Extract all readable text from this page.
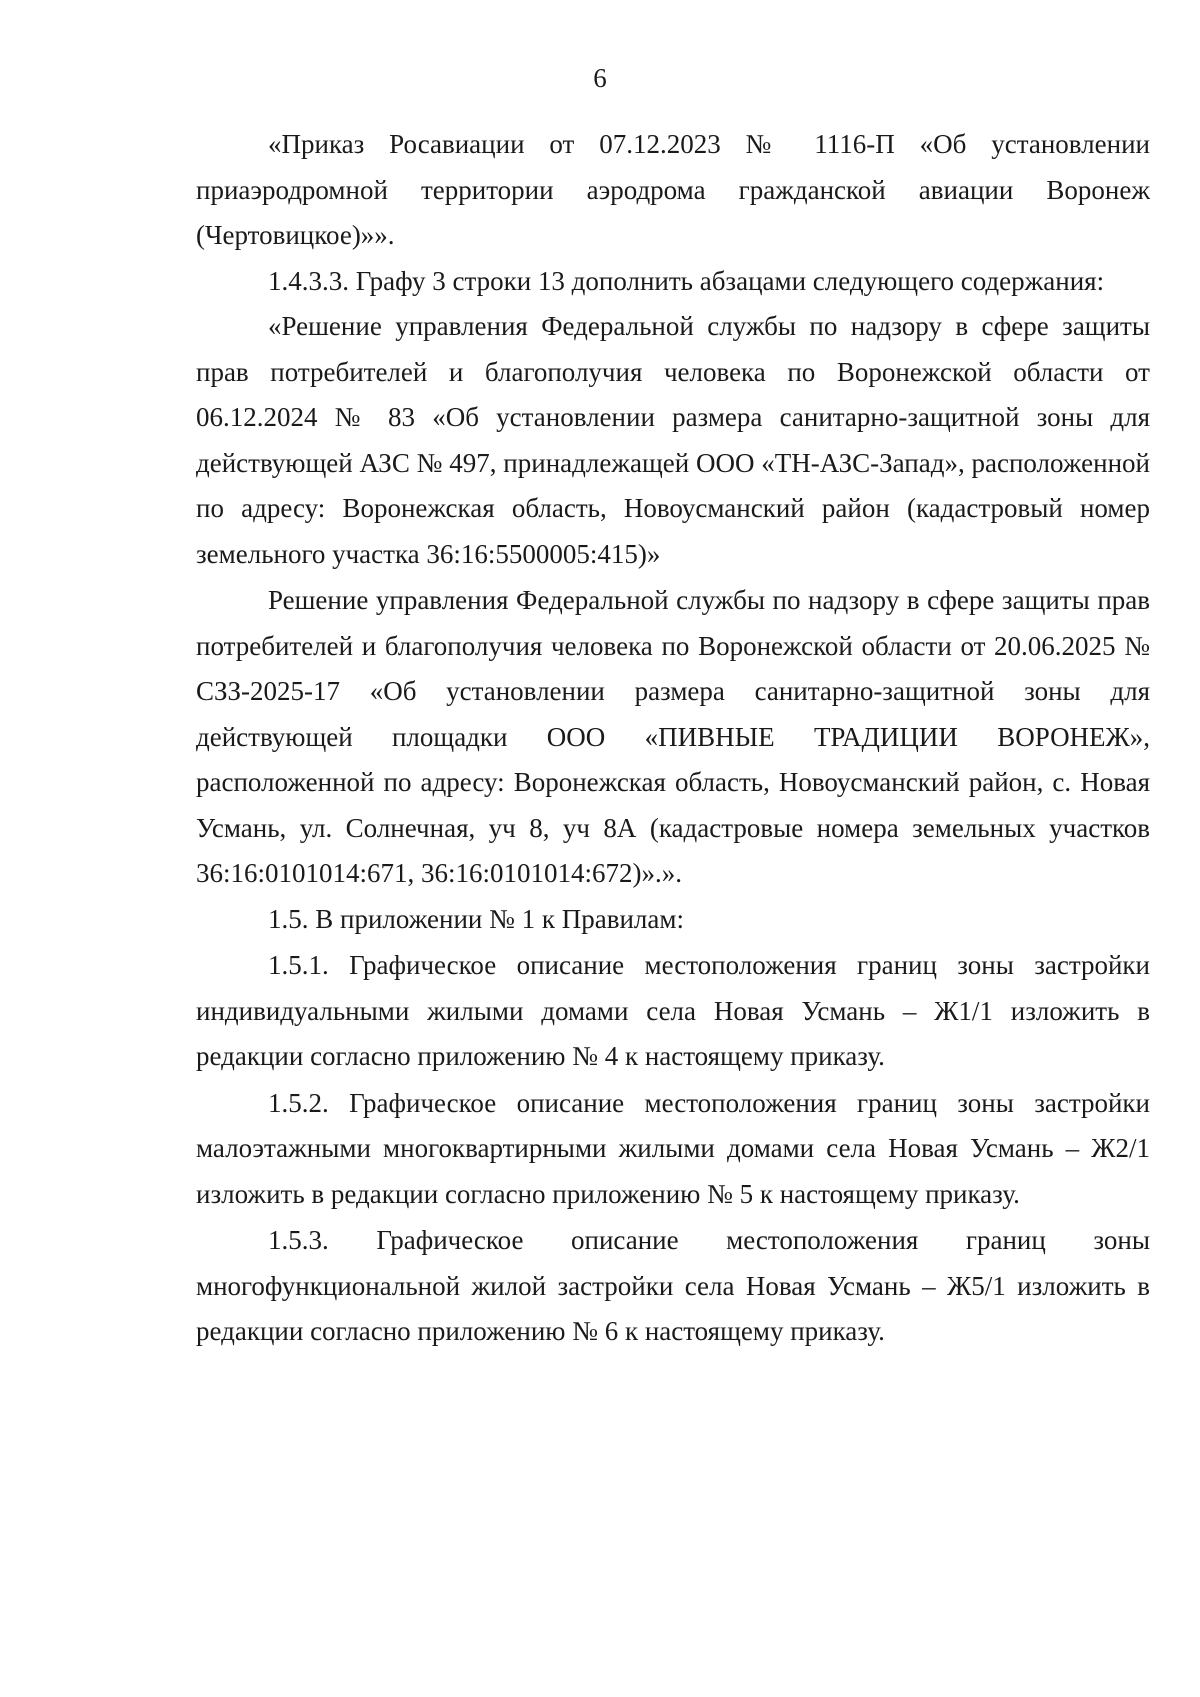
6

«Приказ Росавиации от 07.12.2023 № 1116-П «Об установлении приаэродромной территории аэродрома гражданской авиации Воронеж (Чертовицкое)»».

1.4.3.3. Графу 3 строки 13 дополнить абзацами следующего содержания:

«Решение управления Федеральной службы по надзору в сфере защиты прав потребителей и благополучия человека по Воронежской области от 06.12.2024 № 83 «Об установлении размера санитарно-защитной зоны для действующей АЗС № 497, принадлежащей ООО «ТН-АЗС-Запад», расположенной по адресу: Воронежская область, Новоусманский район (кадастровый номер земельного участка 36:16:5500005:415)»

Решение управления Федеральной службы по надзору в сфере защиты прав потребителей и благополучия человека по Воронежской области от 20.06.2025 № СЗЗ-2025-17 «Об установлении размера санитарно-защитной зоны для действующей площадки ООО «ПИВНЫЕ ТРАДИЦИИ ВОРОНЕЖ», расположенной по адресу: Воронежская область, Новоусманский район, с. Новая Усмань, ул. Солнечная, уч 8, уч 8А (кадастровые номера земельных участков 36:16:0101014:671, 36:16:0101014:672)».».

1.5. В приложении № 1 к Правилам:

1.5.1. Графическое описание местоположения границ зоны застройки индивидуальными жилыми домами села Новая Усмань – Ж1/1 изложить в редакции согласно приложению № 4 к настоящему приказу.

1.5.2. Графическое описание местоположения границ зоны застройки малоэтажными многоквартирными жилыми домами села Новая Усмань – Ж2/1 изложить в редакции согласно приложению № 5 к настоящему приказу.

1.5.3. Графическое описание местоположения границ зоны многофункциональной жилой застройки села Новая Усмань – Ж5/1 изложить в редакции согласно приложению № 6 к настоящему приказу.
